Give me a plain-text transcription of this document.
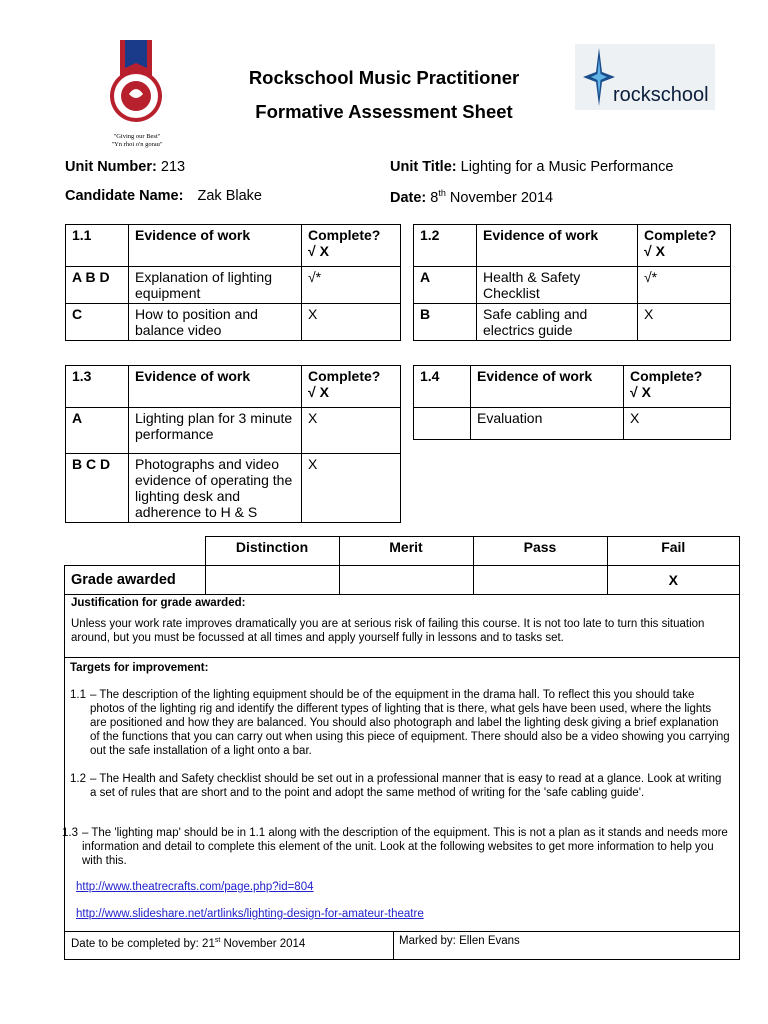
"Giving our Best"
"Yn rhoi o'n gorau"
Rockschool Music Practitioner
Formative Assessment Sheet
rockschool
Unit Number: 213	Unit Title: Lighting for a Music Performance
Candidate Name: Zak Blake	Date: 8th November 2014
1.1	Evidence of work	Complete?
√ X
A B D	Explanation of lighting equipment	√*
C	How to position and balance video	X
1.2	Evidence of work	Complete?
√ X
A	Health & Safety Checklist	√*
B	Safe cabling and electrics guide	X
1.3	Evidence of work	Complete?
√ X
A	Lighting plan for 3 minute performance	X
B C D	Photographs and video evidence of operating the lighting desk and adherence to H & S	X
1.4	Evidence of work	Complete?
√ X
	Evaluation	X
	Distinction	Merit	Pass	Fail
Grade awarded				X
Justification for grade awarded:
Unless your work rate improves dramatically you are at serious risk of failing this course. It is not too late to turn this situation around, but you must be focussed at all times and apply yourself fully in lessons and to tasks set.
Targets for improvement:
1.1 – The description of the lighting equipment should be of the equipment in the drama hall. To reflect this you should take photos of the lighting rig and identify the different types of lighting that is there, what gels have been used, where the lights are positioned and how they are balanced. You should also photograph and label the lighting desk giving a brief explanation of the functions that you can carry out when using this piece of equipment. There should also be a video showing you carrying out the safe installation of a light onto a bar.
1.2 – The Health and Safety checklist should be set out in a professional manner that is easy to read at a glance. Look at writing a set of rules that are short and to the point and adopt the same method of writing for the 'safe cabling guide'.
1.3 – The 'lighting map' should be in 1.1 along with the description of the equipment. This is not a plan as it stands and needs more information and detail to complete this element of the unit. Look at the following websites to get more information to help you with this.
http://www.theatrecrafts.com/page.php?id=804
http://www.slideshare.net/artlinks/lighting-design-for-amateur-theatre
Date to be completed by: 21st November 2014	Marked by: Ellen Evans
